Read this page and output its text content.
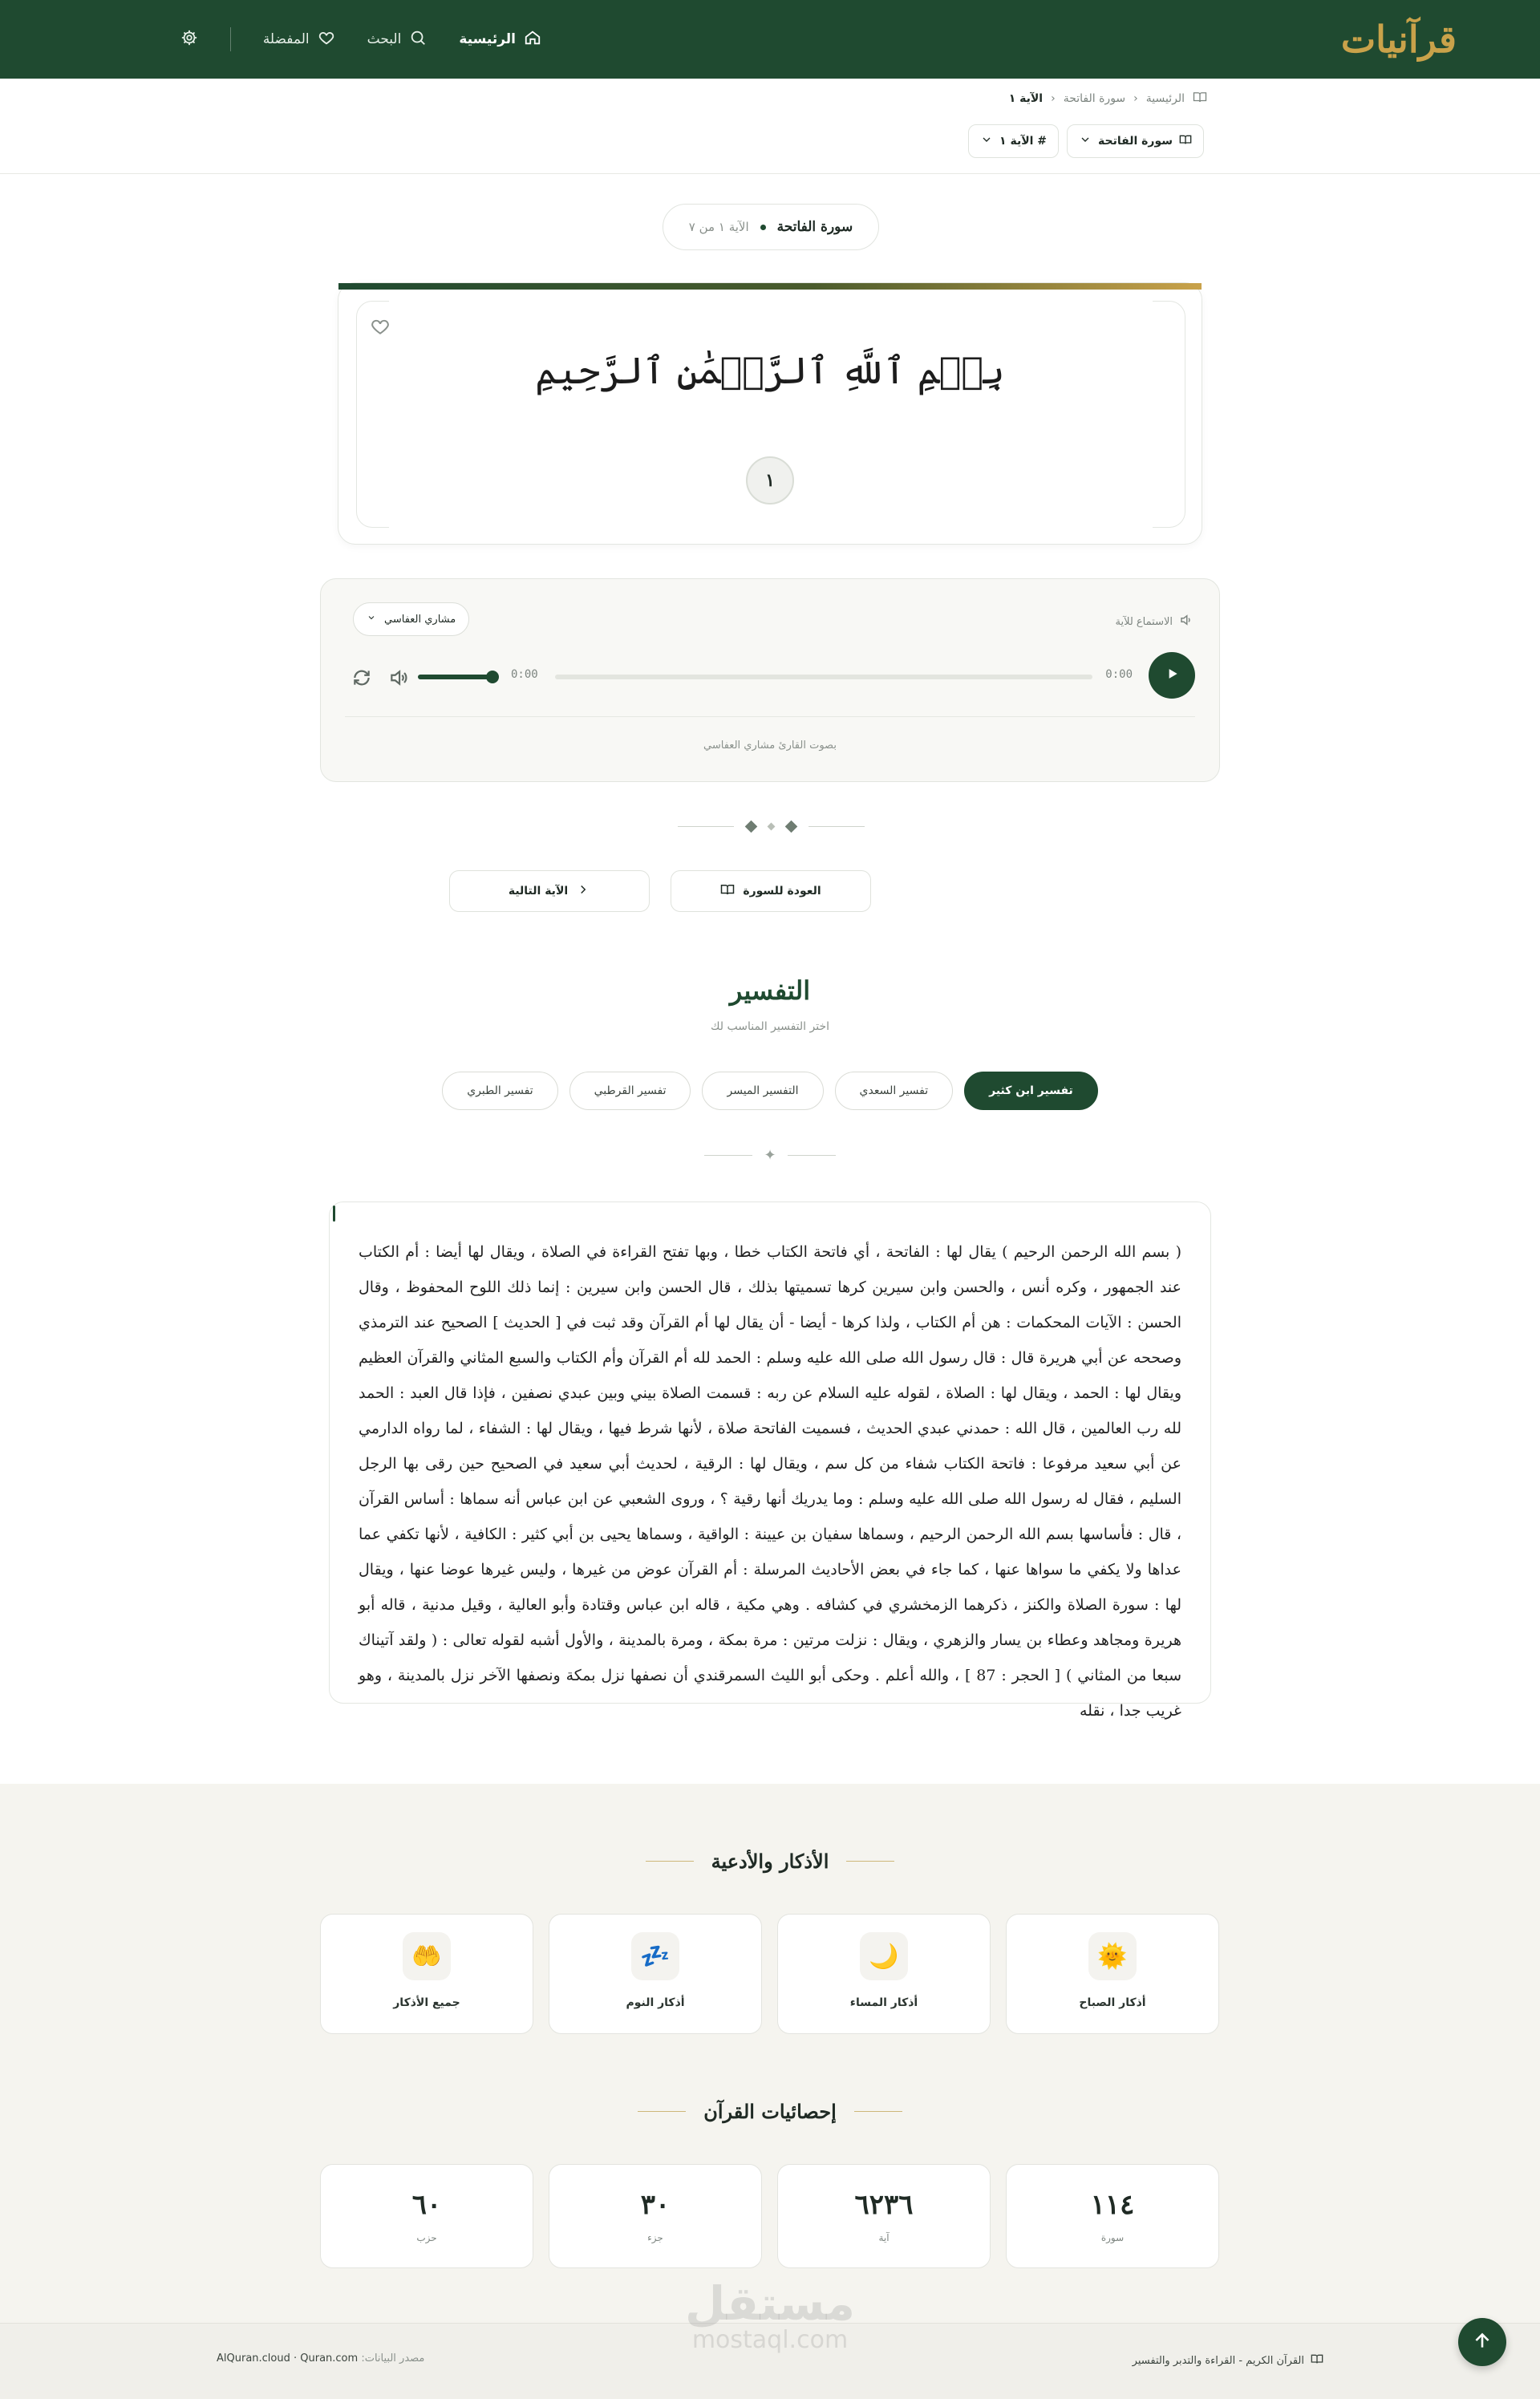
قرآنيات
الرئيسية
البحث
المفضلة
الرئيسية
‹
سورة الفاتحة
‹
الآية ١
سورة الفاتحة
# الآية ١
سورة الفاتحة
الآية ١ من ٧
بِسۡمِ ٱللَّهِ ٱلرَّحۡمَٰنِ ٱلرَّحِيمِ
١
الاستماع للآية
مشاري العفاسي
0:00
0:00
بصوت القارئ مشاري العفاسي
العودة للسورة
الآية التالية
التفسير
اختر التفسير المناسب لك
تفسير ابن كثير
تفسير السعدي
التفسير الميسر
تفسير القرطبي
تفسير الطبري
✦
( بسم الله الرحمن الرحيم ) يقال لها : الفاتحة ، أي فاتحة الكتاب خطا ، وبها تفتح القراءة في الصلاة ، ويقال لها أيضا : أم الكتاب عند الجمهور ، وكره أنس ، والحسن وابن سيرين كرها تسميتها بذلك ، قال الحسن وابن سيرين : إنما ذلك اللوح المحفوظ ، وقال الحسن : الآيات المحكمات : هن أم الكتاب ، ولذا كرها - أيضا - أن يقال لها أم القرآن وقد ثبت في [ الحديث ] الصحيح عند الترمذي وصححه عن أبي هريرة قال : قال رسول الله صلى الله عليه وسلم : الحمد لله أم القرآن وأم الكتاب والسبع المثاني والقرآن العظيم ويقال لها : الحمد ، ويقال لها : الصلاة ، لقوله عليه السلام عن ربه : قسمت الصلاة بيني وبين عبدي نصفين ، فإذا قال العبد : الحمد لله رب العالمين ، قال الله : حمدني عبدي الحديث ، فسميت الفاتحة صلاة ، لأنها شرط فيها ، ويقال لها : الشفاء ، لما رواه الدارمي عن أبي سعيد مرفوعا : فاتحة الكتاب شفاء من كل سم ، ويقال لها : الرقية ، لحديث أبي سعيد في الصحيح حين رقى بها الرجل السليم ، فقال له رسول الله صلى الله عليه وسلم : وما يدريك أنها رقية ؟ ، وروى الشعبي عن ابن عباس أنه سماها : أساس القرآن ، قال : فأساسها بسم الله الرحمن الرحيم ، وسماها سفيان بن عيينة : الواقية ، وسماها يحيى بن أبي كثير : الكافية ، لأنها تكفي عما عداها ولا يكفي ما سواها عنها ، كما جاء في بعض الأحاديث المرسلة : أم القرآن عوض من غيرها ، وليس غيرها عوضا عنها ، ويقال لها : سورة الصلاة والكنز ، ذكرهما الزمخشري في كشافه . وهي مكية ، قاله ابن عباس وقتادة وأبو العالية ، وقيل مدنية ، قاله أبو هريرة ومجاهد وعطاء بن يسار والزهري ، ويقال : نزلت مرتين : مرة بمكة ، ومرة بالمدينة ، والأول أشبه لقوله تعالى : ( ولقد آتيناك سبعا من المثاني ) [ الحجر : 87 ] ، والله أعلم . وحكى أبو الليث السمرقندي أن نصفها نزل بمكة ونصفها الآخر نزل بالمدينة ، وهو غريب جدا ، نقله
الأذكار والأدعية
🌞
أذكار الصباح
🌙
أذكار المساء
💤
أذكار النوم
🤲
جميع الأذكار
إحصائيات القرآن
١١٤
سورة
٦٢٣٦
آية
٣٠
جزء
٦٠
حزب
القرآن الكريم - القراءة والتدبر والتفسير
مصدر البيانات: AlQuran.cloud · Quran.com
مستقل
mostaql.com
